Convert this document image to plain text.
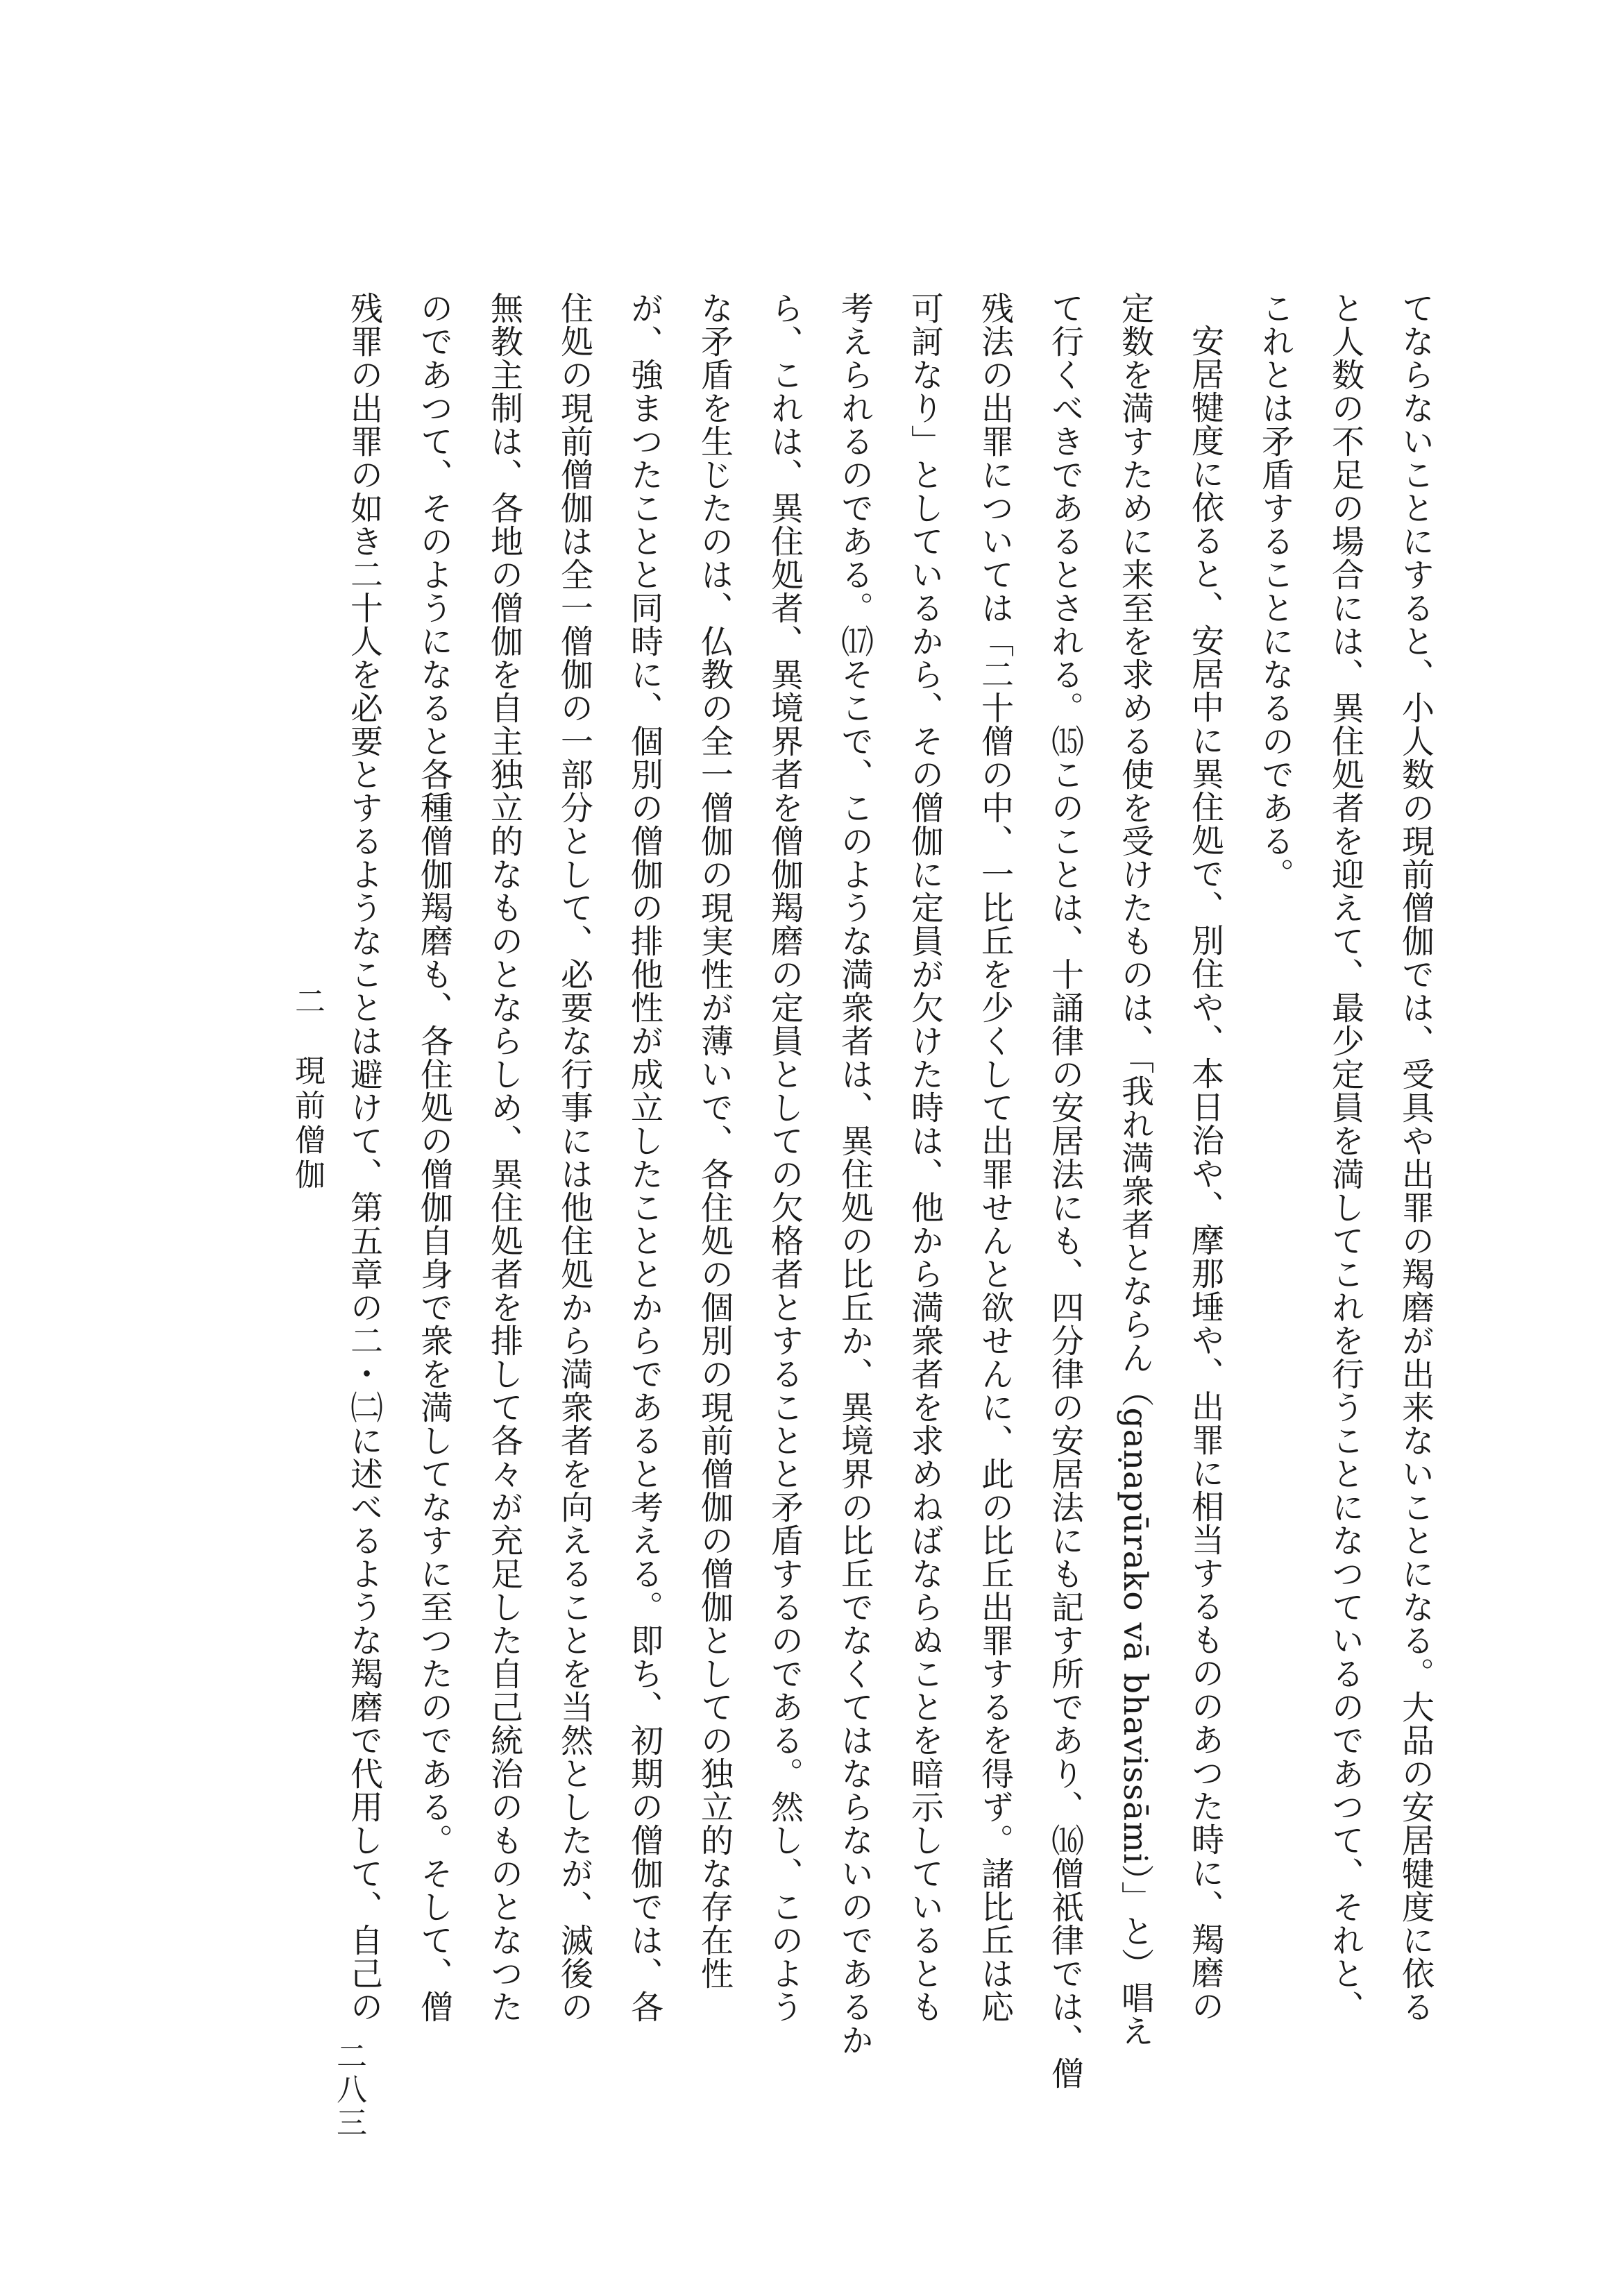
てならないことにすると、小人数の現前僧伽では、受具や出罪の羯磨が出来ないことになる。大品の安居犍度に依る
と人数の不足の場合には、異住処者を迎えて、最少定員を満してこれを行うことになつているのであつて、それと、
これとは矛盾することになるのである。
安居犍度に依ると、安居中に異住処で、別住や、本日治や、摩那埵や、出罪に相当するもののあつた時に、羯磨の
定数を満すために来至を求める使を受けたものは、「我れ満衆者とならん（gaṇapūrako vā bhavissāmi）」と）唱え
て行くべきであるとされる。⒂このことは、十誦律の安居法にも、四分律の安居法にも記す所であり、⒃僧祇律では、僧
残法の出罪については「二十僧の中、一比丘を少くして出罪せんと欲せんに、此の比丘出罪するを得ず。諸比丘は応
可訶なり」としているから、その僧伽に定員が欠けた時は、他から満衆者を求めねばならぬことを暗示しているとも
考えられるのである。⒄そこで、このような満衆者は、異住処の比丘か、異境界の比丘でなくてはならないのであるか
ら、これは、異住処者、異境界者を僧伽羯磨の定員としての欠格者とすることと矛盾するのである。然し、このよう
な矛盾を生じたのは、仏教の全一僧伽の現実性が薄いで、各住処の個別の現前僧伽の僧伽としての独立的な存在性
が、強まつたことと同時に、個別の僧伽の排他性が成立したこととからであると考える。即ち、初期の僧伽では、各
住処の現前僧伽は全一僧伽の一部分として、必要な行事には他住処から満衆者を向えることを当然としたが、滅後の
無教主制は、各地の僧伽を自主独立的なものとならしめ、異住処者を排して各々が充足した自己統治のものとなつた
のであつて、そのようになると各種僧伽羯磨も、各住処の僧伽自身で衆を満してなすに至つたのである。そして、僧
残罪の出罪の如き二十人を必要とするようなことは避けて、第五章の二・㈡に述べるような羯磨で代用して、自己の
二　現前僧伽
二八三
